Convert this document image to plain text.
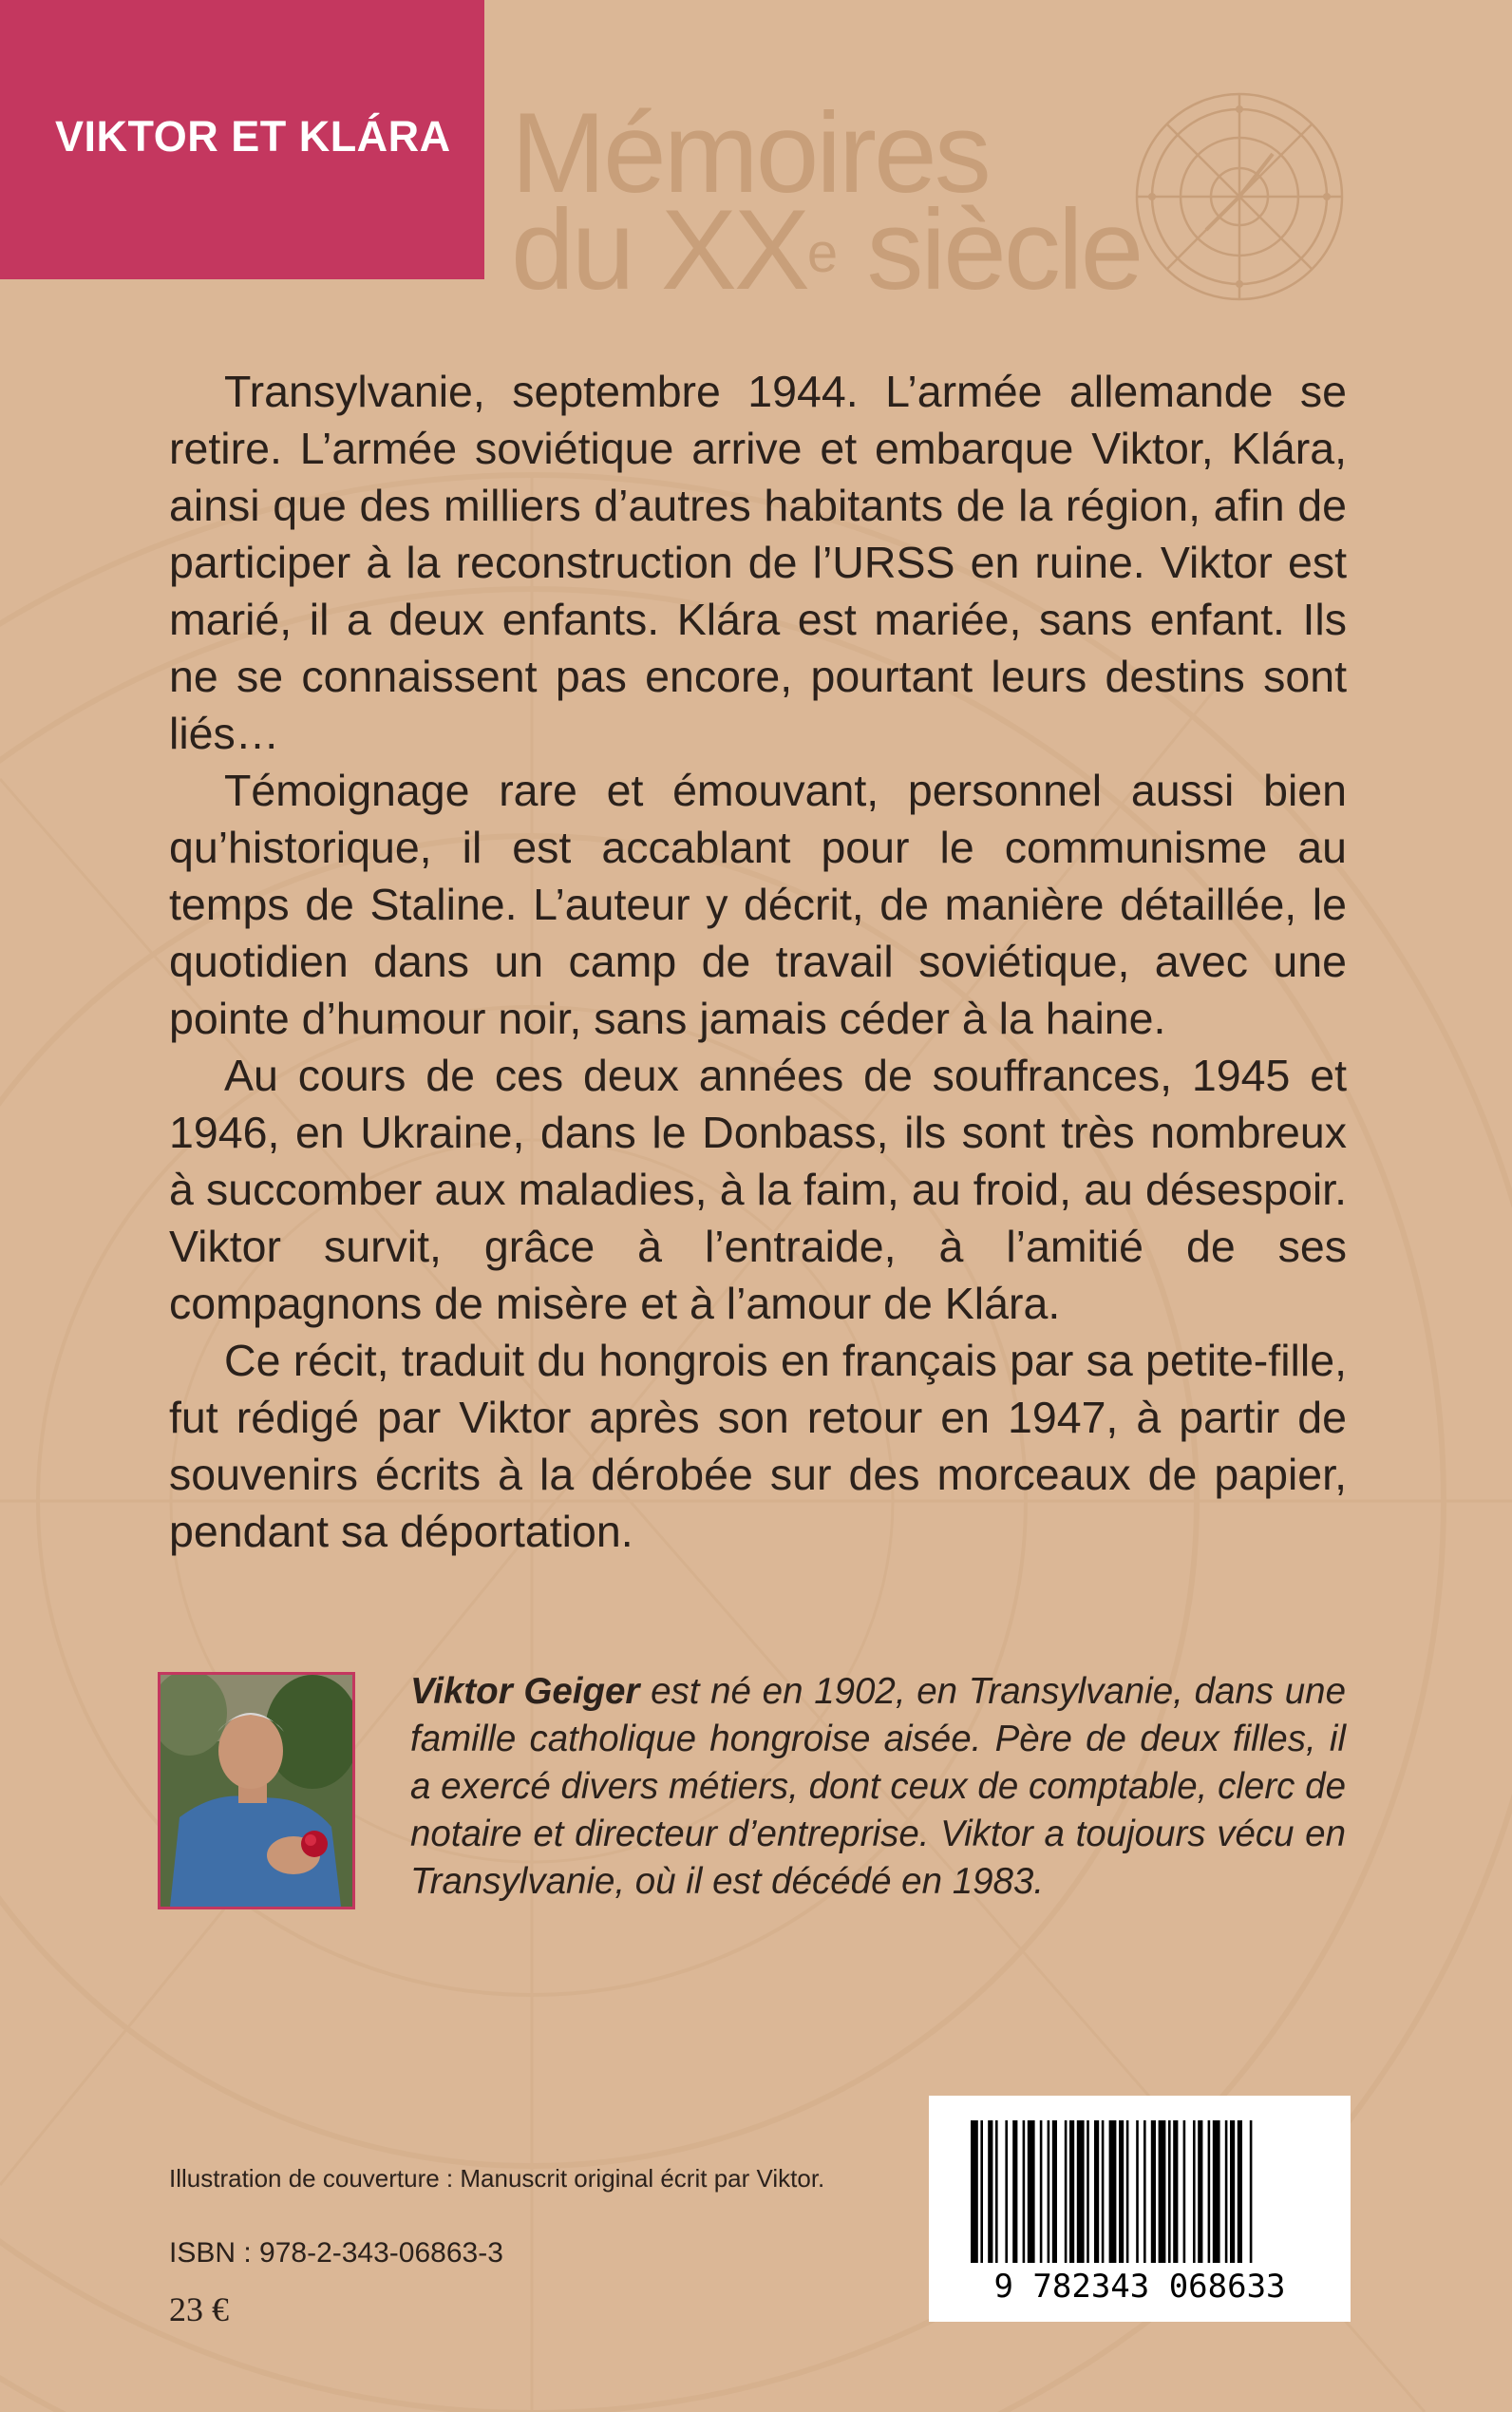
VIKTOR ET KLÁRA Mémoires
du XXe siècle

Transylvanie, septembre 1944. L’armée allemande se retire. L’armée soviétique arrive et embarque Viktor, Klára, ainsi que des milliers d’autres habitants de la région, afin de participer à la reconstruction de l’URSS en ruine. Viktor est marié, il a deux enfants. Klára est mariée, sans enfant. Ils ne se connaissent pas encore, pourtant leurs destins sont liés…

Témoignage rare et émouvant, personnel aussi bien qu’historique, il est accablant pour le communisme au temps de Staline. L’auteur y décrit, de manière détaillée, le quotidien dans un camp de travail soviétique, avec une pointe d’humour noir, sans jamais céder à la haine.

Au cours de ces deux années de souffrances, 1945 et 1946, en Ukraine, dans le Donbass, ils sont très nombreux à succomber aux maladies, à la faim, au froid, au désespoir. Viktor survit, grâce à l’entraide, à l’amitié de ses compagnons de misère et à l’amour de Klára.

Ce récit, traduit du hongrois en français par sa petite-fille, fut rédigé par Viktor après son retour en 1947, à partir de souvenirs écrits à la dérobée sur des morceaux de papier, pendant sa déportation.

Viktor Geiger est né en 1902, en Transylvanie, dans une famille catholique hongroise aisée. Père de deux filles, il a exercé divers métiers, dont ceux de comptable, clerc de notaire et directeur d’entreprise. Viktor a toujours vécu en Transylvanie, où il est décédé en 1983.

Illustration de couverture : Manuscrit original écrit par Viktor.
ISBN : 978-2-343-06863-3
23 €
9 782343 068633
